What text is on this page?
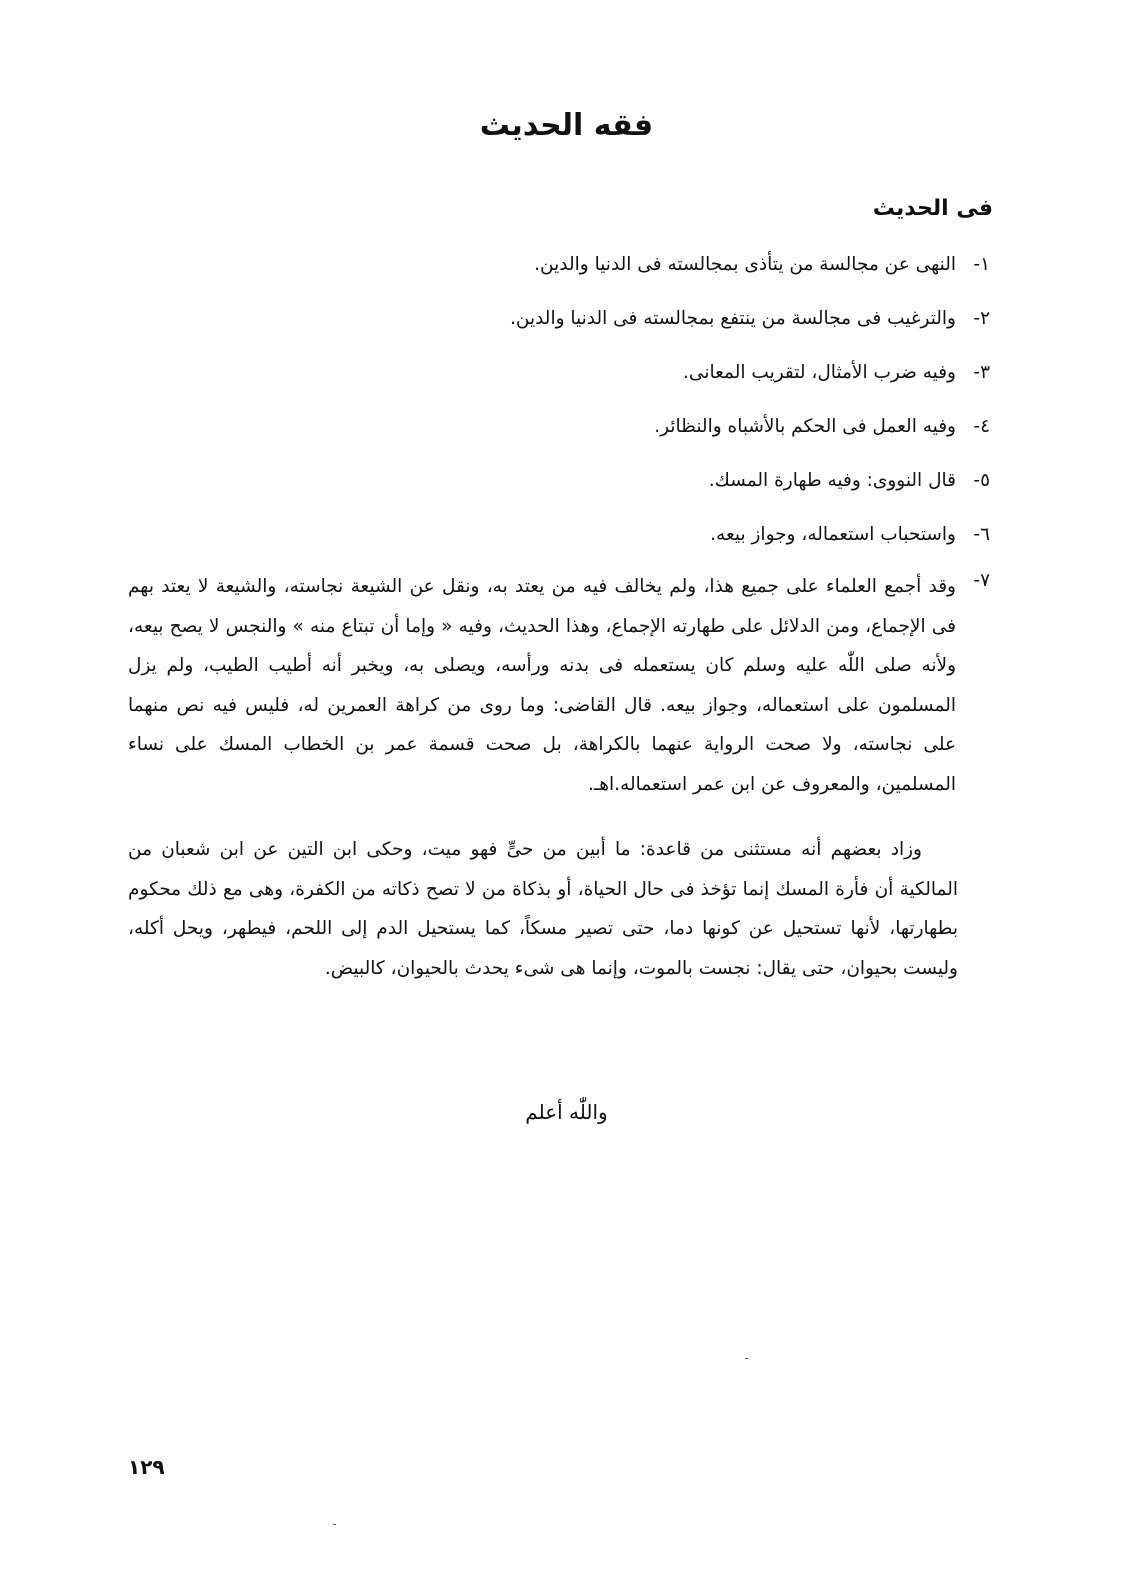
فقه الحديث
فى الحديث
١-
النهى عن مجالسة من يتأذى بمجالسته فى الدنيا والدين.
٢-
والترغيب فى مجالسة من ينتفع بمجالسته فى الدنيا والدين.
٣-
وفيه ضرب الأمثال، لتقريب المعانى.
٤-
وفيه العمل فى الحكم بالأشباه والنظائر.
٥-
قال النووى: وفيه طهارة المسك.
٦-
واستحباب استعماله، وجواز بيعه.
٧-
وقد أجمع العلماء على جميع هذا، ولم يخالف فيه من يعتد به، ونقل عن الشيعة نجاسته، والشيعة لا يعتد بهم فى الإجماع، ومن الدلائل على طهارته الإجماع، وهذا الحديث، وفيه « وإما أن تبتاع منه » والنجس لا يصح بيعه، ولأنه صلى اللّٰه عليه وسلم كان يستعمله فى بدنه ورأسه، ويصلى به، ويخبر أنه أطيب الطيب، ولم يزل المسلمون على استعماله، وجواز بيعه. قال القاضى: وما روى من كراهة العمرين له، فليس فيه نص منهما على نجاسته، ولا صحت الرواية عنهما بالكراهة، بل صحت قسمة عمر بن الخطاب المسك على نساء المسلمين، والمعروف عن ابن عمر استعماله.اهـ.

وزاد بعضهم أنه مستثنى من قاعدة: ما أبين من حىٍّ فهو ميت، وحكى ابن التين عن ابن شعبان من المالكية أن فأرة المسك إنما تؤخذ فى حال الحياة، أو بذكاة من لا تصح ذكاته من الكفرة، وهى مع ذلك محكوم بطهارتها، لأنها تستحيل عن كونها دما، حتى تصير مسكاً، كما يستحيل الدم إلى اللحم، فيطهر، ويحل أكله، وليست بحيوان، حتى يقال: نجست بالموت، وإنما هى شىء يحدث بالحيوان، كالبيض.

واللّٰه أعلم

١٢٩
